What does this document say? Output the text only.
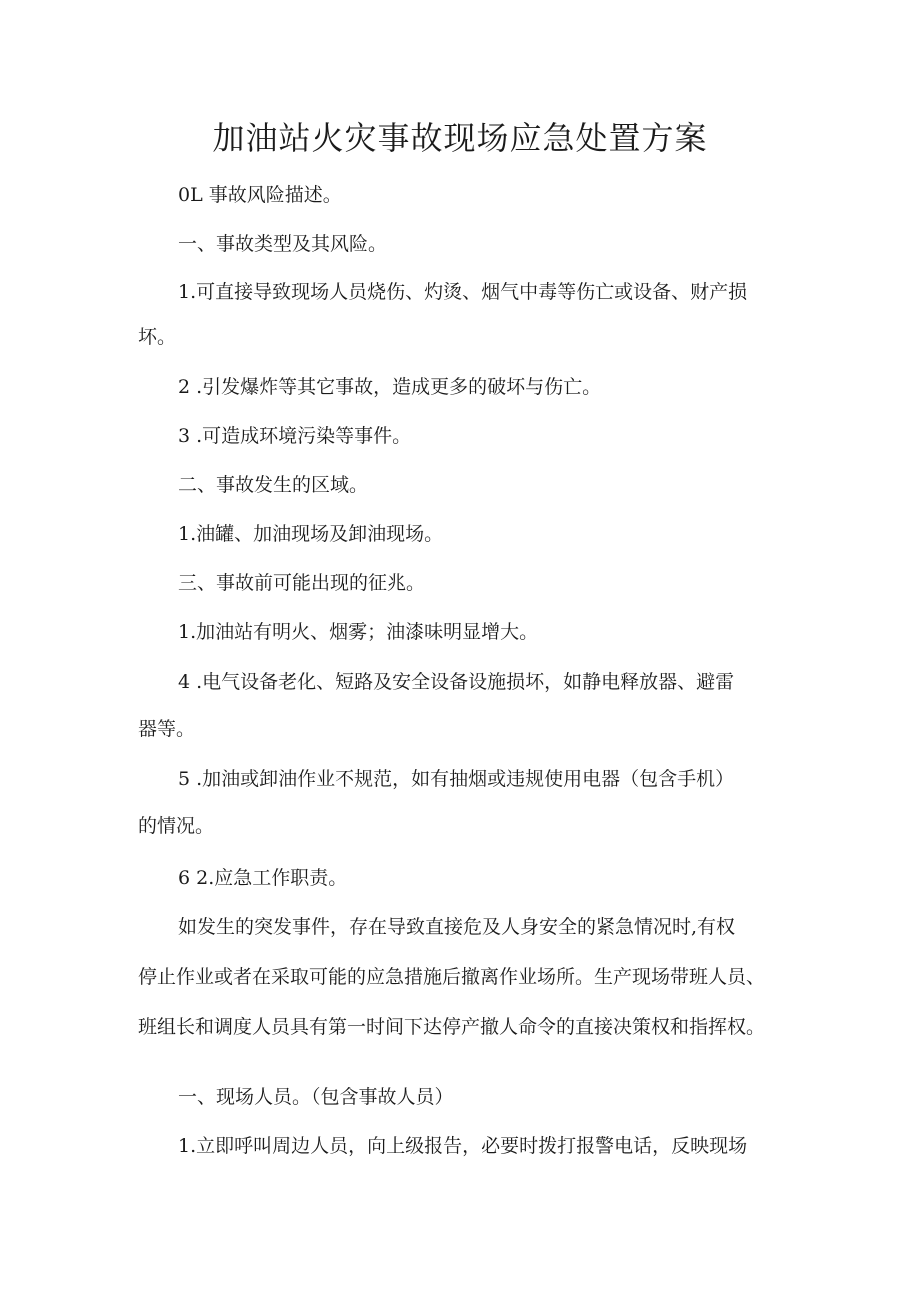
加油站火灾事故现场应急处置方案

0L 事故风险描述。

一、事故类型及其风险。

1.可直接导致现场人员烧伤、灼烫、烟气中毒等伤亡或设备、财产损
坏。

2 .引发爆炸等其它事故，造成更多的破坏与伤亡。

3 .可造成环境污染等事件。

二、事故发生的区域。

1.油罐、加油现场及卸油现场。

三、事故前可能出现的征兆。

1.加油站有明火、烟雾；油漆味明显增大。

4 .电气设备老化、短路及安全设备设施损坏，如静电释放器、避雷
器等。

5 .加油或卸油作业不规范，如有抽烟或违规使用电器（包含手机）
的情况。

6 2.应急工作职责。

如发生的突发事件，存在导致直接危及人身安全的紧急情况时,有权
停止作业或者在采取可能的应急措施后撤离作业场所。生产现场带班人员、
班组长和调度人员具有第一时间下达停产撤人命令的直接决策权和指挥权。

一、现场人员。（包含事故人员）

1.立即呼叫周边人员，向上级报告，必要时拨打报警电话，反映现场
